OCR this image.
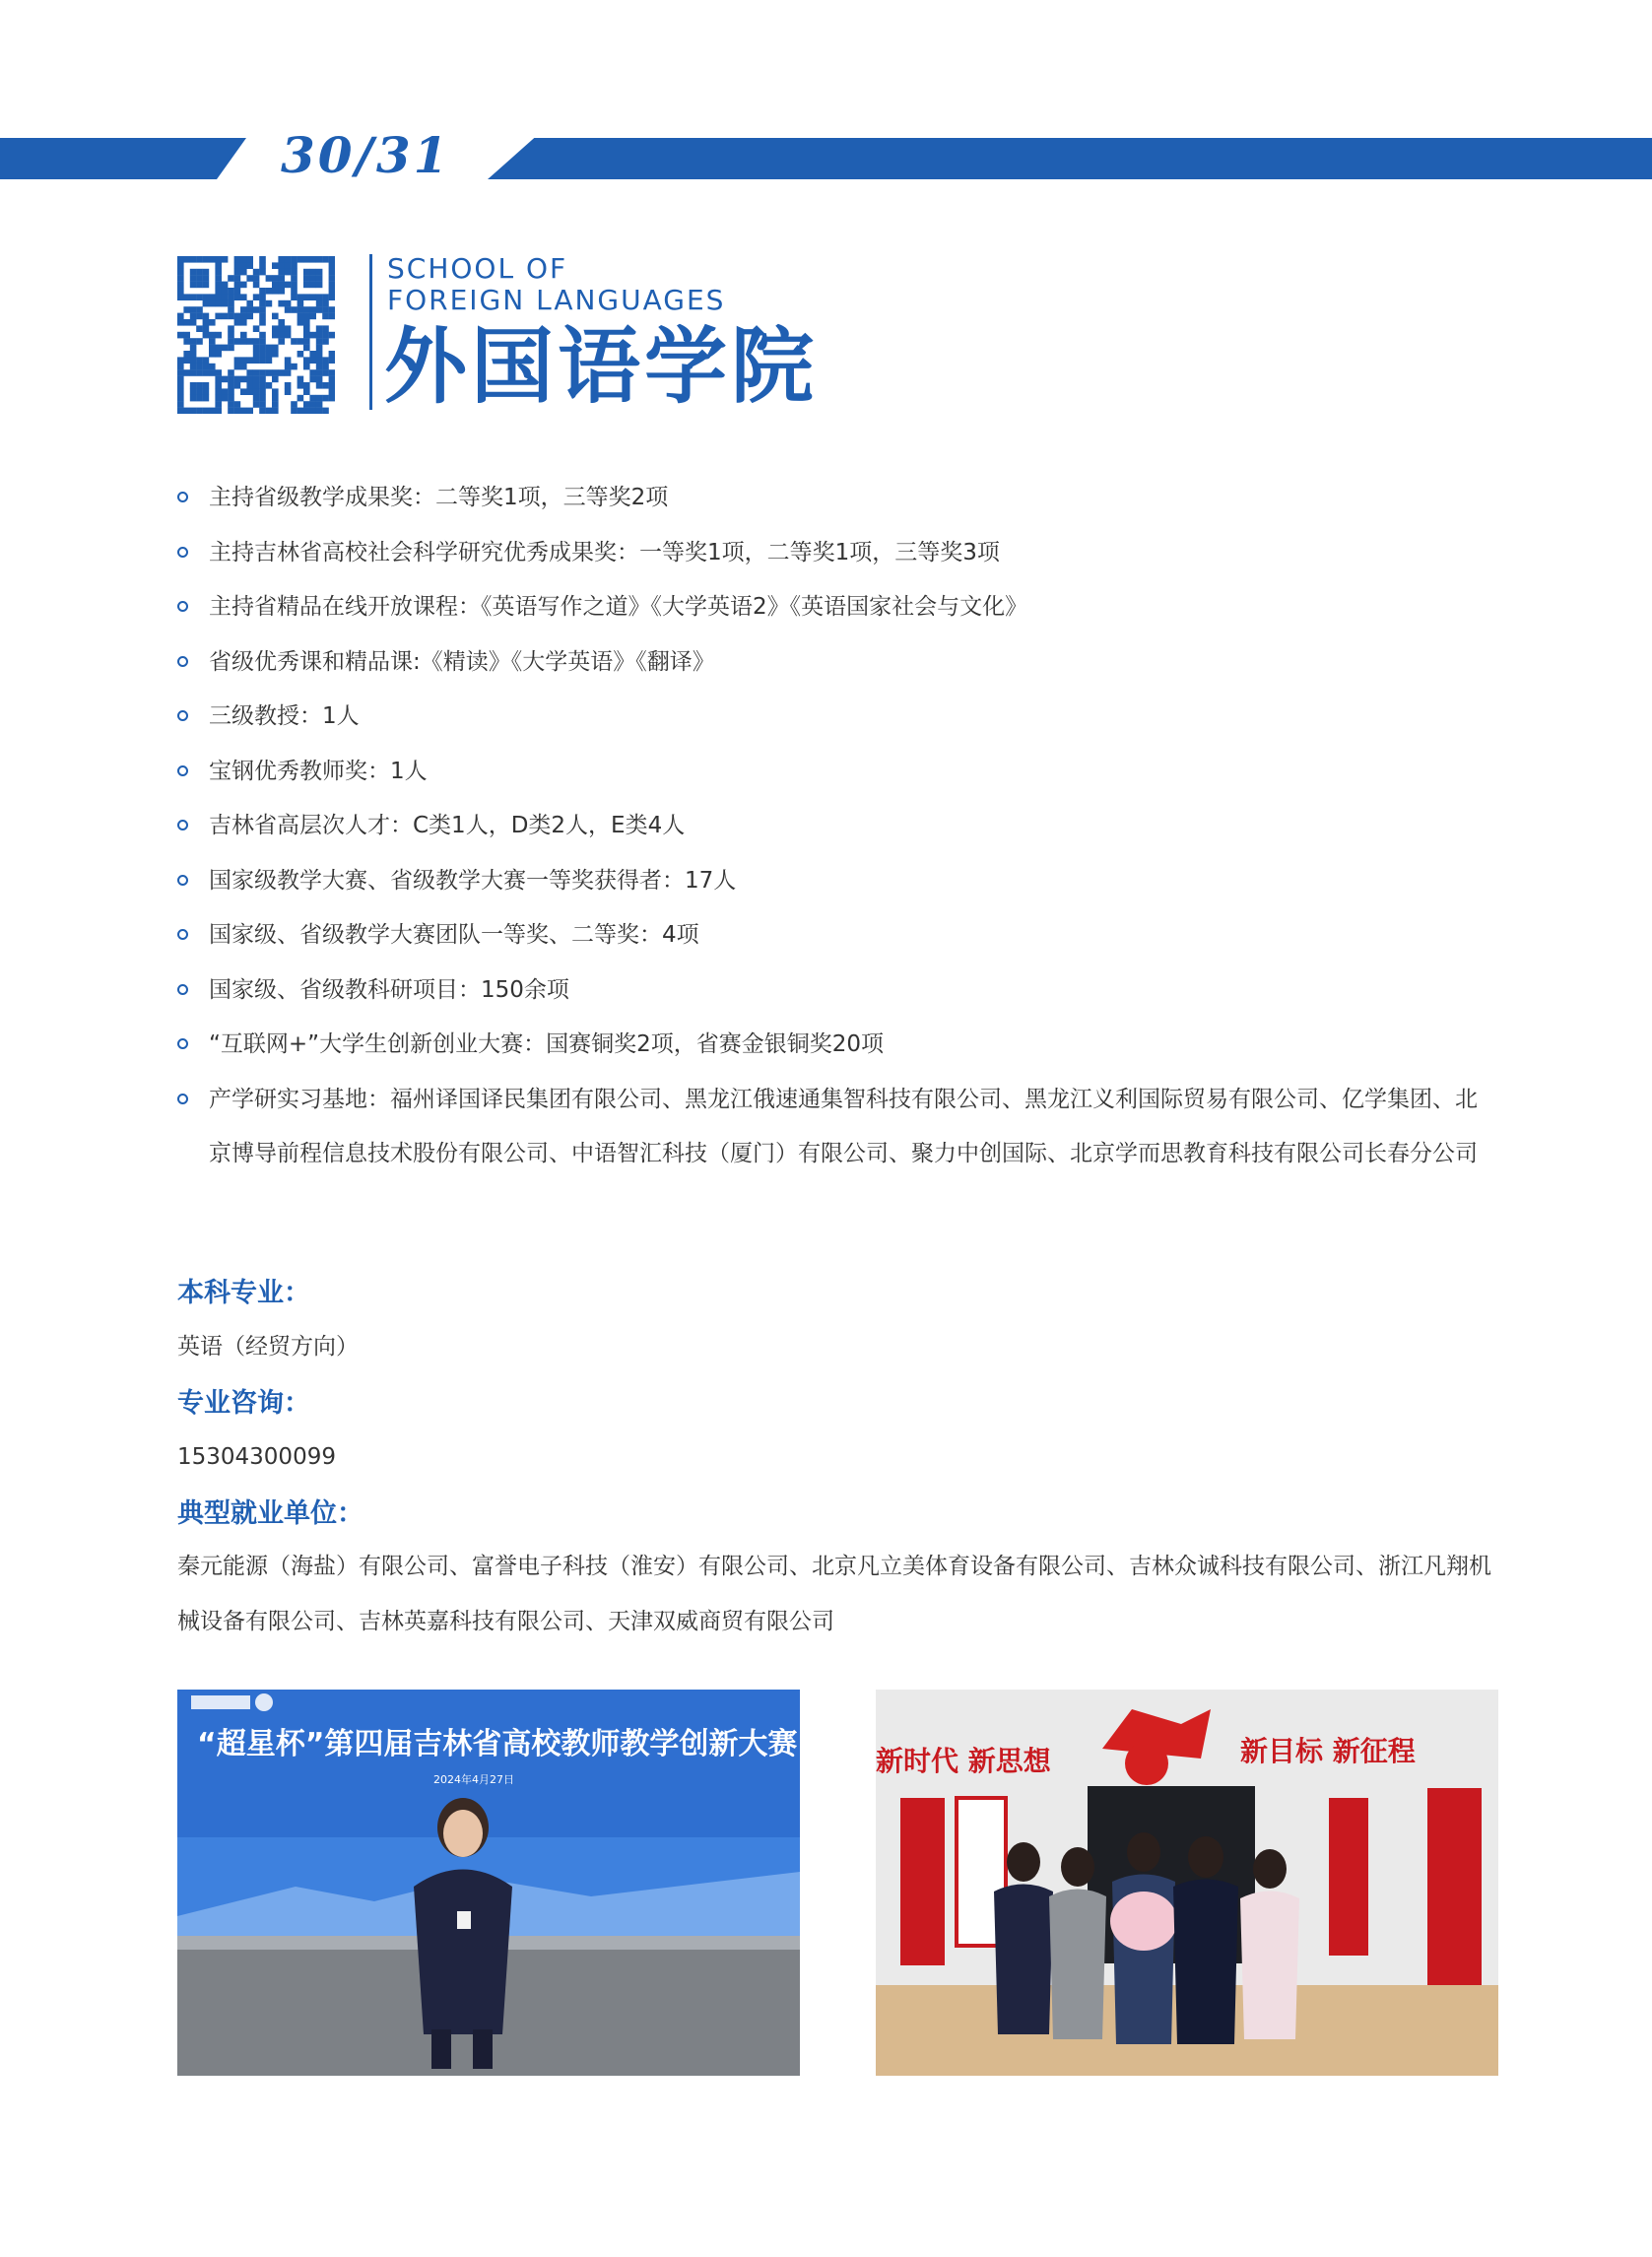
30/31
SCHOOL OF
FOREIGN LANGUAGES
外国语学院
主持省级教学成果奖：二等奖1项，三等奖2项
主持吉林省高校社会科学研究优秀成果奖：一等奖1项，二等奖1项，三等奖3项
主持省精品在线开放课程：《英语写作之道》《大学英语2》《英语国家社会与文化》
省级优秀课和精品课:《精读》《大学英语》《翻译》
三级教授：1人
宝钢优秀教师奖：1人
吉林省高层次人才：C类1人，D类2人，E类4人
国家级教学大赛、省级教学大赛一等奖获得者：17人
国家级、省级教学大赛团队一等奖、二等奖：4项
国家级、省级教科研项目：150余项
“互联网+”大学生创新创业大赛：国赛铜奖2项，省赛金银铜奖20项
产学研实习基地：福州译国译民集团有限公司、黑龙江俄速通集智科技有限公司、黑龙江义利国际贸易有限公司、亿学集团、北京博导前程信息技术股份有限公司、中语智汇科技（厦门）有限公司、聚力中创国际、北京学而思教育科技有限公司长春分公司
本科专业：
英语（经贸方向）
专业咨询：
15304300099
典型就业单位：
秦元能源（海盐）有限公司、富誉电子科技（淮安）有限公司、北京凡立美体育设备有限公司、吉林众诚科技有限公司、浙江凡翔机械设备有限公司、吉林英嘉科技有限公司、天津双威商贸有限公司
“超星杯”第四届吉林省高校教师教学创新大赛
2024年4月27日
新时代 新思想	新目标 新征程
